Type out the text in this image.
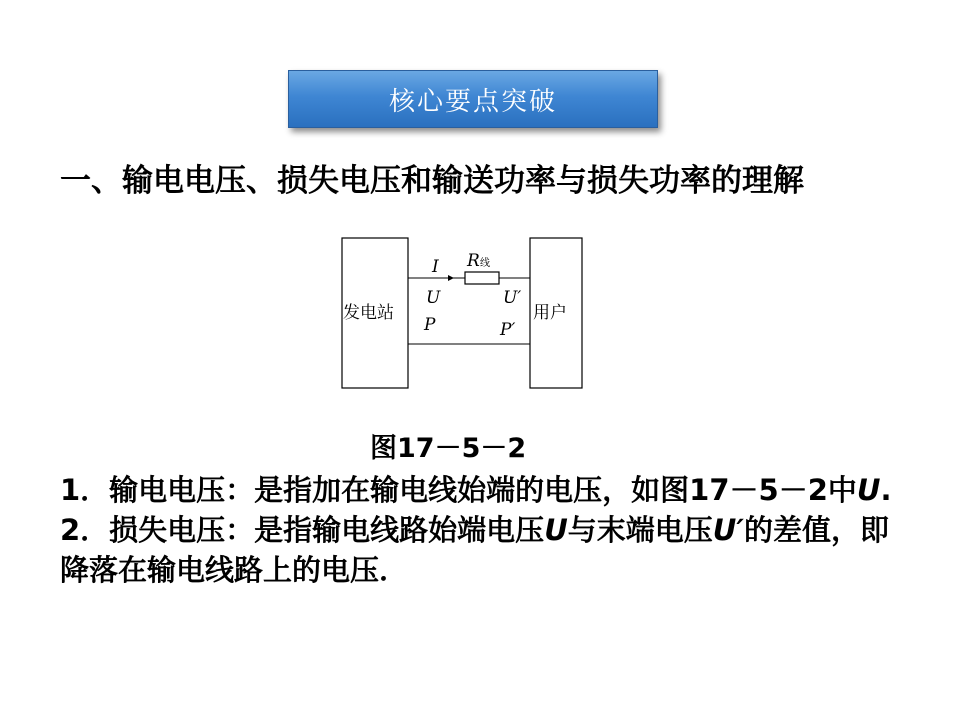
核心要点突破
一、输电电压、损失电压和输送功率与损失功率的理解
发电站	用户
I R 线
U
P
U′
P′
图17－5－2

1．输电电压：是指加在输电线始端的电压，如图17－5－2中U.

2．损失电压：是指输电线路始端电压U与末端电压U′的差值，即降落在输电线路上的电压．
